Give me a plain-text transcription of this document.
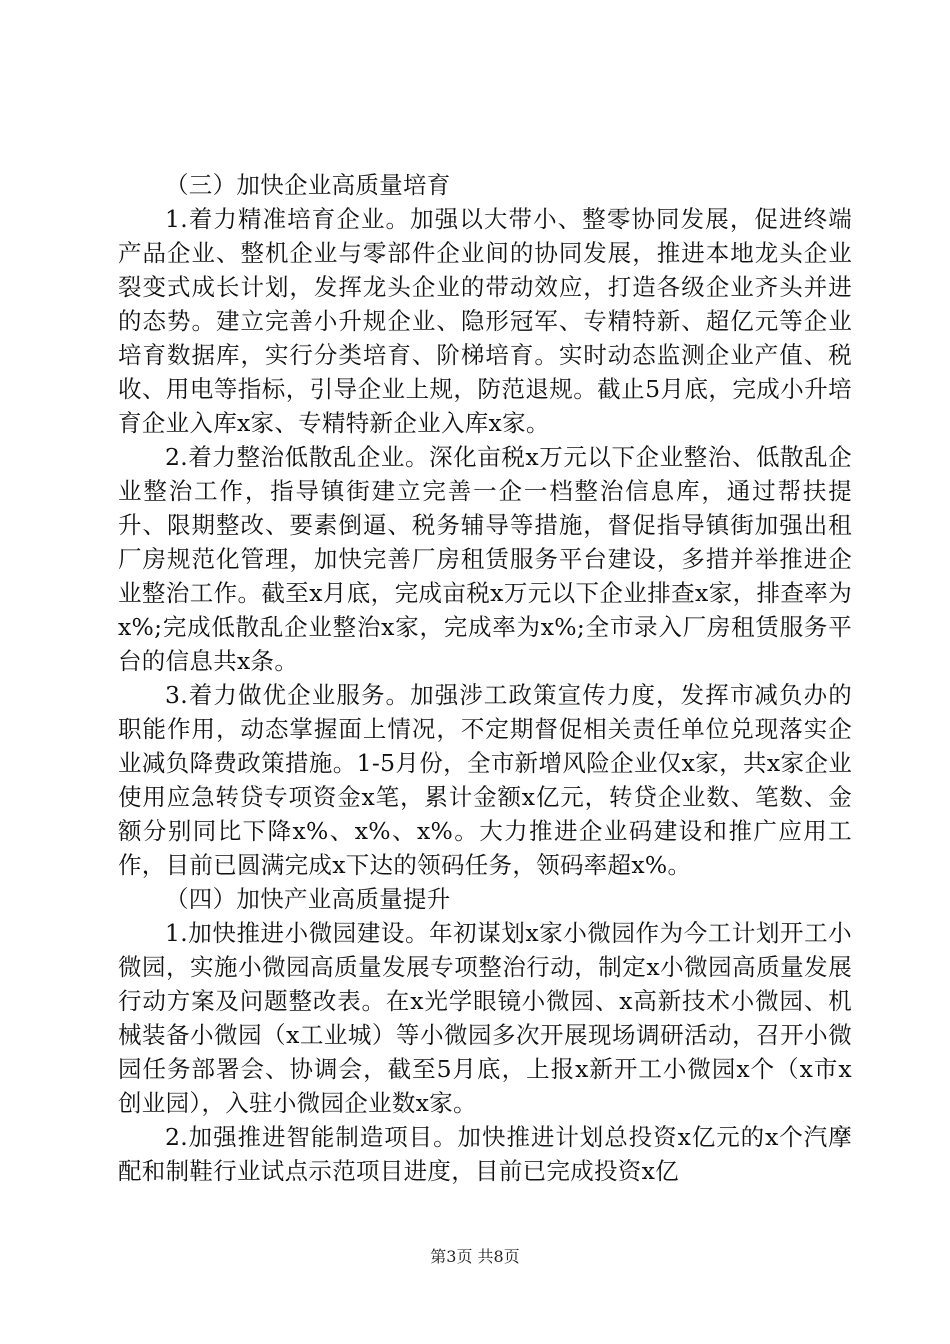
（三）加快企业高质量培育

1.着力精准培育企业。加强以大带小、整零协同发展，促进终端产品企业、整机企业与零部件企业间的协同发展，推进本地龙头企业裂变式成长计划，发挥龙头企业的带动效应，打造各级企业齐头并进的态势。建立完善小升规企业、隐形冠军、专精特新、超亿元等企业培育数据库，实行分类培育、阶梯培育。实时动态监测企业产值、税收、用电等指标，引导企业上规，防范退规。截止5月底，完成小升培育企业入库x家、专精特新企业入库x家。

2.着力整治低散乱企业。深化亩税x万元以下企业整治、低散乱企业整治工作，指导镇街建立完善一企一档整治信息库，通过帮扶提升、限期整改、要素倒逼、税务辅导等措施，督促指导镇街加强出租厂房规范化管理，加快完善厂房租赁服务平台建设，多措并举推进企业整治工作。截至x月底，完成亩税x万元以下企业排查x家，排查率为x%;完成低散乱企业整治x家，完成率为x%;全市录入厂房租赁服务平台的信息共x条。

3.着力做优企业服务。加强涉工政策宣传力度，发挥市减负办的职能作用，动态掌握面上情况，不定期督促相关责任单位兑现落实企业减负降费政策措施。1-5月份，全市新增风险企业仅x家，共x家企业使用应急转贷专项资金x笔，累计金额x亿元，转贷企业数、笔数、金额分别同比下降x%、x%、x%。大力推进企业码建设和推广应用工作，目前已圆满完成x下达的领码任务，领码率超x%。

（四）加快产业高质量提升

1.加快推进小微园建设。年初谋划x家小微园作为今工计划开工小微园，实施小微园高质量发展专项整治行动，制定x小微园高质量发展行动方案及问题整改表。在x光学眼镜小微园、x高新技术小微园、机械装备小微园（x工业城）等小微园多次开展现场调研活动，召开小微园任务部署会、协调会，截至5月底，上报x新开工小微园x个（x市x创业园），入驻小微园企业数x家。

2.加强推进智能制造项目。加快推进计划总投资x亿元的x个汽摩配和制鞋行业试点示范项目进度，目前已完成投资x亿

第3页 共8页
